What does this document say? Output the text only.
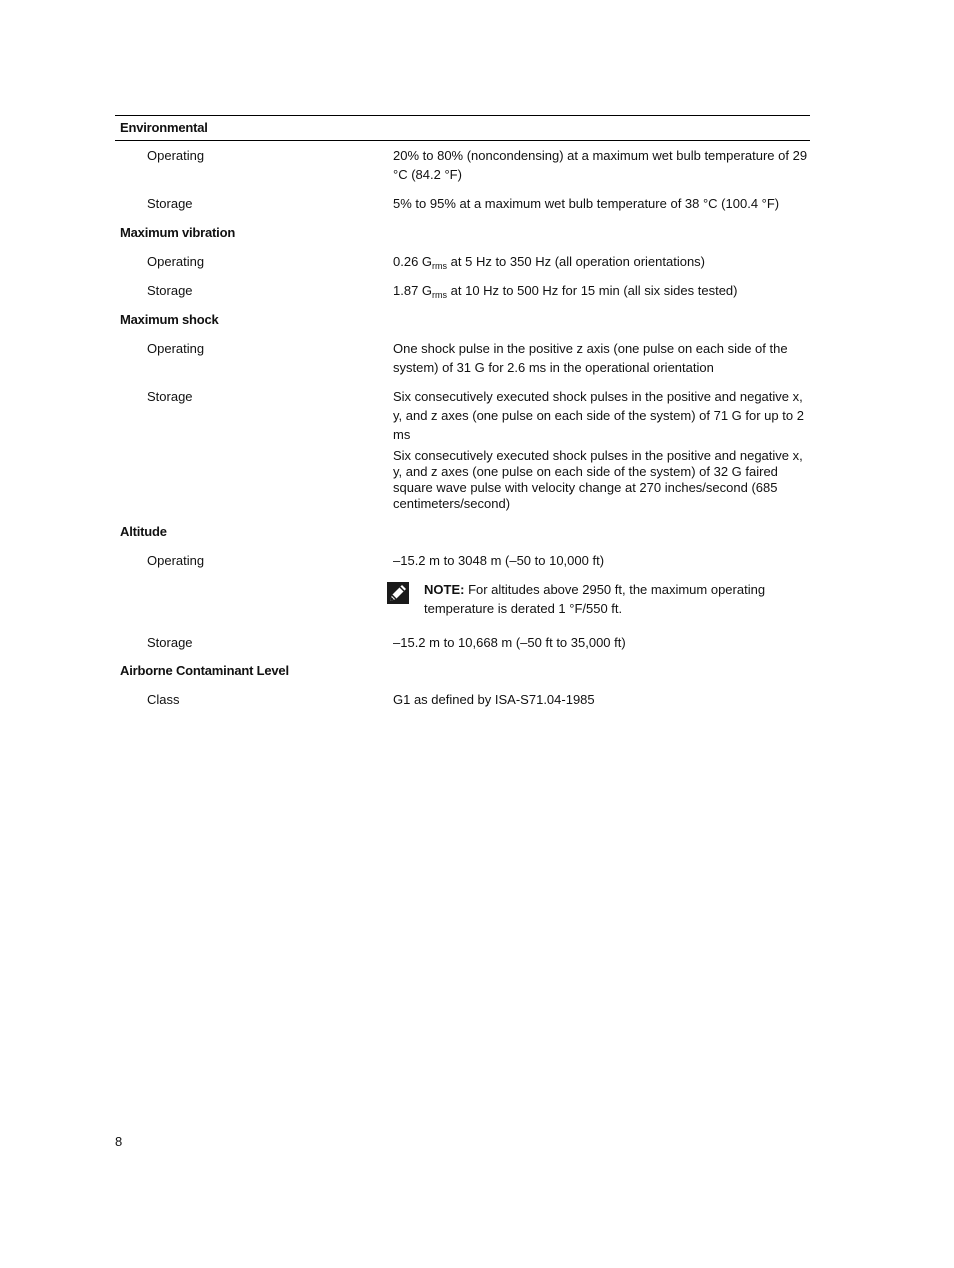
Environmental
Operating	20% to 80% (noncondensing) at a maximum wet bulb temperature of 29 °C (84.2 °F)
Storage	5% to 95% at a maximum wet bulb temperature of 38 °C (100.4 °F)
Maximum vibration
Operating	0.26 $G_{rms}$ at 5 Hz to 350 Hz (all operation orientations)
Storage	1.87 $G_{rms}$ at 10 Hz to 500 Hz for 15 min (all six sides tested)
Maximum shock
Operating	One shock pulse in the positive z axis (one pulse on each side of the system) of 31 G for 2.6 ms in the operational orientation
Storage	Six consecutively executed shock pulses in the positive and negative x, y, and z axes (one pulse on each side of the system) of 71 G for up to 2 ms
Six consecutively executed shock pulses in the positive and negative x, y, and z axes (one pulse on each side of the system) of 32 G faired square wave pulse with velocity change at 270 inches/second (685 centimeters/second)
Altitude
Operating	–15.2 m to 3048 m (–50 to 10,000 ft)
NOTE: For altitudes above 2950 ft, the maximum operating temperature is derated 1 °F/550 ft.
Storage	–15.2 m to 10,668 m (–50 ft to 35,000 ft)
Airborne Contaminant Level
Class	G1 as defined by ISA-S71.04-1985
8
